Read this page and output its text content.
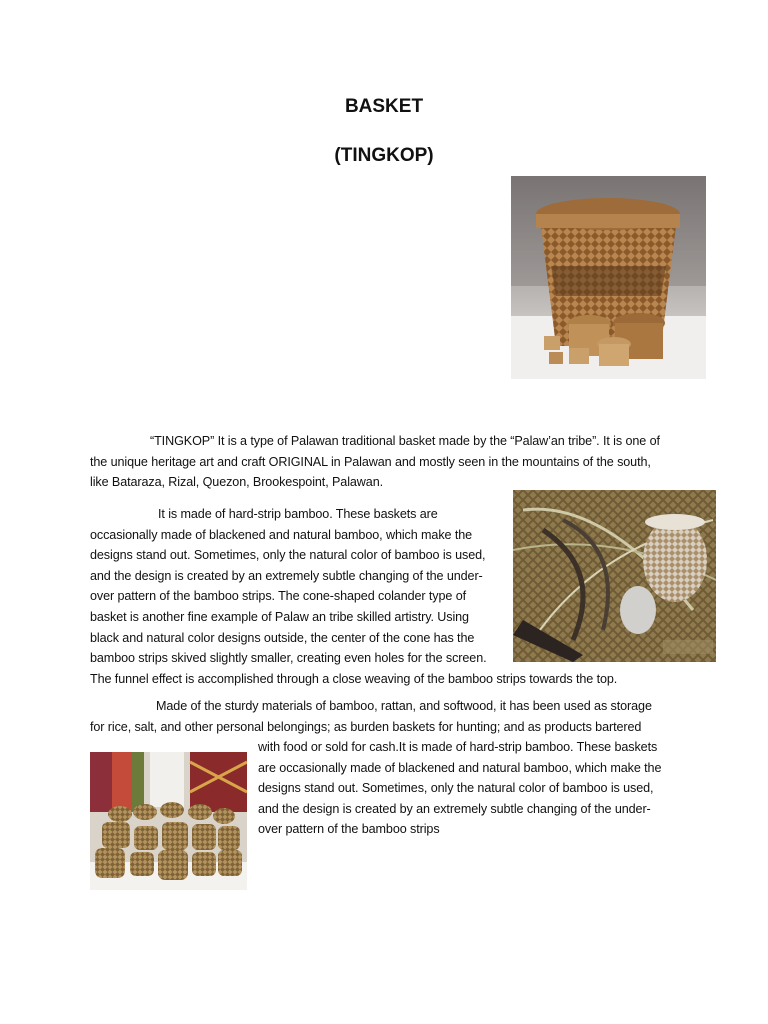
BASKET
(TINGKOP)

“TINGKOP” It is a type of Palawan traditional basket made by the “Palaw’an tribe”. It is one of
the unique heritage art and craft ORIGINAL in Palawan and mostly seen in the mountains of the south,
like Bataraza, Rizal, Quezon, Brookespoint, Palawan.

It is made of hard-strip bamboo. These baskets are
occasionally made of blackened and natural bamboo, which make the
designs stand out. Sometimes, only the natural color of bamboo is used,
and the design is created by an extremely subtle changing of the under-
over pattern of the bamboo strips. The cone-shaped colander type of
basket is another fine example of Palaw an tribe skilled artistry. Using
black and natural color designs outside, the center of the cone has the
bamboo strips skived slightly smaller, creating even holes for the screen.
The funnel effect is accomplished through a close weaving of the bamboo strips towards the top.

Made of the sturdy materials of bamboo, rattan, and softwood, it has been used as storage
for rice, salt, and other personal belongings; as burden baskets for hunting; and as products bartered

with food or sold for cash.It is made of hard-strip bamboo. These baskets
are occasionally made of blackened and natural bamboo, which make the
designs stand out. Sometimes, only the natural color of bamboo is used,
and the design is created by an extremely subtle changing of the under-
over pattern of the bamboo strips
